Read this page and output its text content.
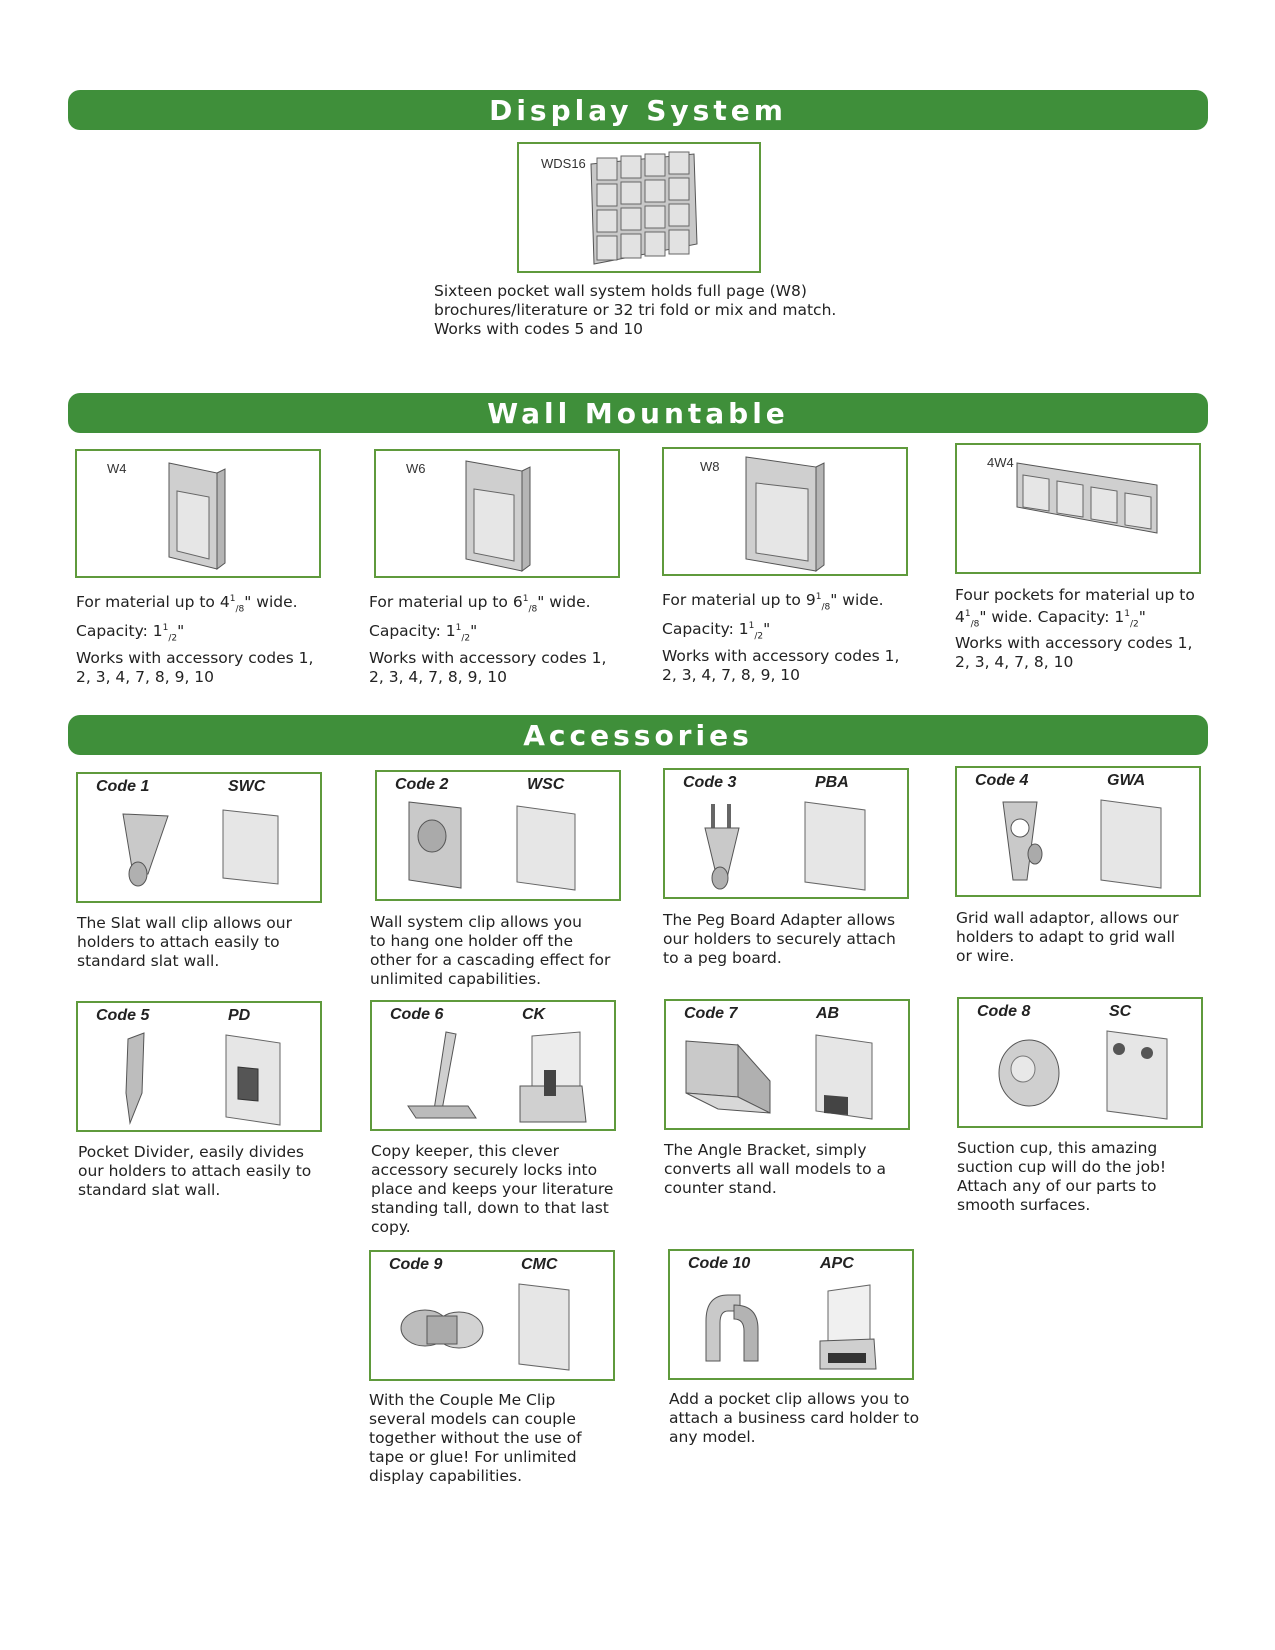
Display System
WDS16
Sixteen pocket wall system holds full page (W8)
brochures/literature or 32 tri fold or mix and match.
Works with codes 5 and 10
Wall Mountable
W4
For material up to $4^1_{/8}$" wide.
Capacity: $1^1_{/2}$"
Works with accessory codes 1,
2, 3, 4, 7, 8, 9, 10
W6
For material up to $6^1_{/8}$" wide.
Capacity: $1^1_{/2}$"
Works with accessory codes 1,
2, 3, 4, 7, 8, 9, 10
W8
For material up to $9^1_{/8}$" wide.
Capacity: $1^1_{/2}$"
Works with accessory codes 1,
2, 3, 4, 7, 8, 9, 10
4W4
Four pockets for material up to
$4^1_{/8}$" wide. Capacity: $1^1_{/2}$"
Works with accessory codes 1,
2, 3, 4, 7, 8, 10
Accessories
Code 1	SWC
The Slat wall clip allows our
holders to attach easily to
standard slat wall.
Code 2	WSC
Wall system clip allows you
to hang one holder off the
other for a cascading effect for
unlimited capabilities.
Code 3	PBA
The Peg Board Adapter allows
our holders to securely attach
to a peg board.
Code 4	GWA
Grid wall adaptor, allows our
holders to adapt to grid wall
or wire.
Code 5	PD
Pocket Divider, easily divides
our holders to attach easily to
standard slat wall.
Code 6	CK
Copy keeper, this clever
accessory securely locks into
place and keeps your literature
standing tall, down to that last
copy.
Code 7	AB
The Angle Bracket, simply
converts all wall models to a
counter stand.
Code 8	SC
Suction cup, this amazing
suction cup will do the job!
Attach any of our parts to
smooth surfaces.
Code 9	CMC
With the Couple Me Clip
several models can couple
together without the use of
tape or glue! For unlimited
display capabilities.
Code 10	APC
Add a pocket clip allows you to
attach a business card holder to
any model.
